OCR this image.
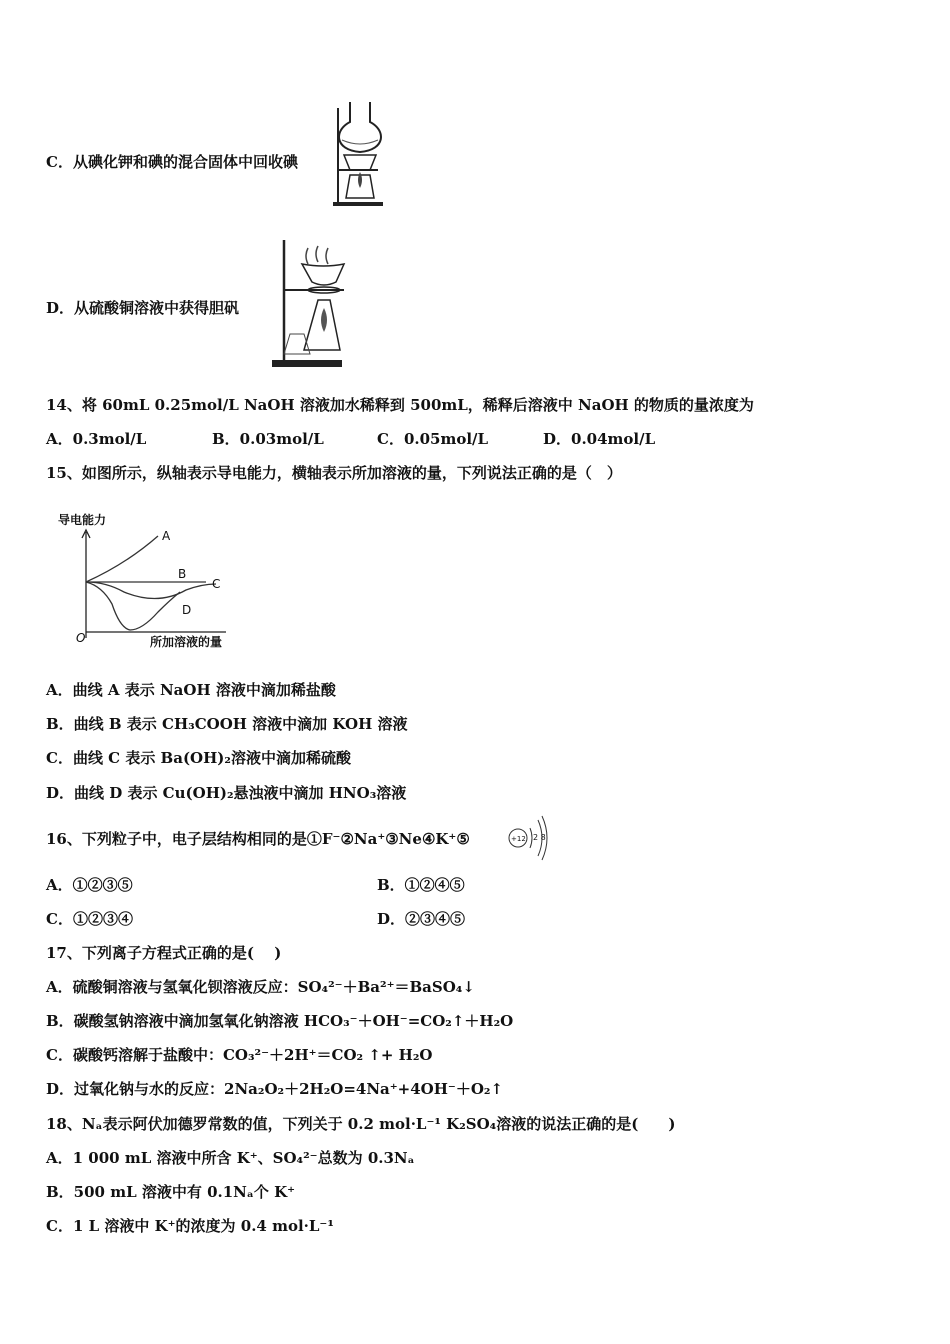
C．从碘化钾和碘的混合固体中回收碘
D．从硫酸铜溶液中获得胆矾
14、将 60mL 0.25mol/L NaOH 溶液加水稀释到 500mL，稀释后溶液中 NaOH 的物质的量浓度为
A．0.3mol/L	B．0.03mol/L	C．0.05mol/L	D．0.04mol/L
15、如图所示，纵轴表示导电能力，横轴表示所加溶液的量，下列说法正确的是（　）
导电能力
O	所加溶液的量
A
B
C
D
A．曲线 A 表示 NaOH 溶液中滴加稀盐酸
B．曲线 B 表示 CH₃COOH 溶液中滴加 KOH 溶液
C．曲线 C 表示 Ba(OH)₂溶液中滴加稀硫酸
D．曲线 D 表示 Cu(OH)₂悬浊液中滴加 HNO₃溶液
16、下列粒子中，电子层结构相同的是①F⁻②Na⁺③Ne④K⁺⑤	+12 2 8
A．①②③⑤	B．①②④⑤
C．①②③④	D．②③④⑤
17、下列离子方程式正确的是(　 )
A．硫酸铜溶液与氢氧化钡溶液反应：SO₄²⁻＋Ba²⁺＝BaSO₄↓
B．碳酸氢钠溶液中滴加氢氧化钠溶液 HCO₃⁻＋OH⁻=CO₂↑＋H₂O
C．碳酸钙溶解于盐酸中：CO₃²⁻＋2H⁺＝CO₂ ↑+ H₂O
D．过氧化钠与水的反应：2Na₂O₂＋2H₂O=4Na⁺+4OH⁻＋O₂↑
18、Nₐ表示阿伏加德罗常数的值，下列关于 0.2 mol·L⁻¹ K₂SO₄溶液的说法正确的是(　　)
A．1 000 mL 溶液中所含 K⁺、SO₄²⁻总数为 0.3Nₐ
B．500 mL 溶液中有 0.1Nₐ个 K⁺
C．1 L 溶液中 K⁺的浓度为 0.4 mol·L⁻¹
